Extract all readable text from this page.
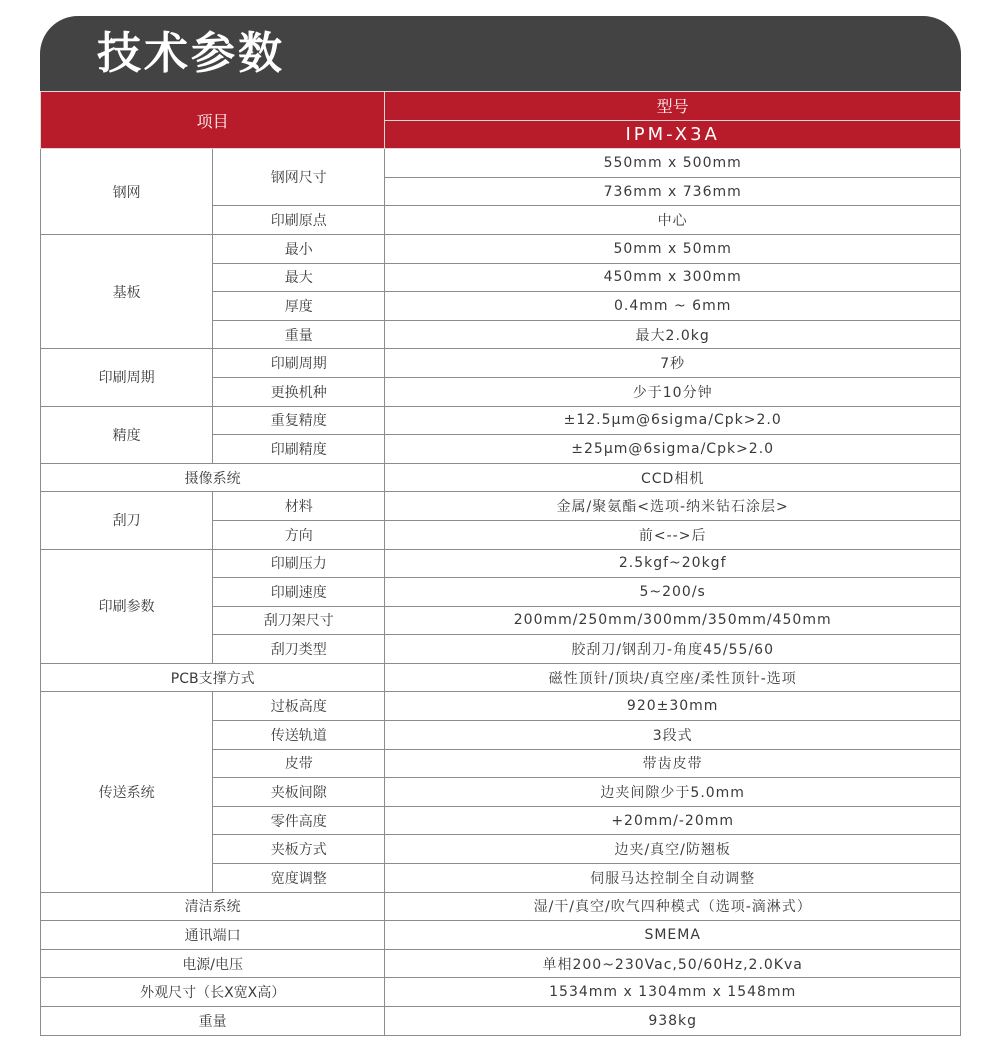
技术参数
项目		型号
		IPM-X3A
钢网	钢网尺寸	550mm x 500mm
		736mm x 736mm
	印刷原点	中心
基板	最小	50mm x 50mm
	最大	450mm x 300mm
	厚度	0.4mm ~ 6mm
	重量	最大2.0kg
印刷周期	印刷周期	7秒
	更换机种	少于10分钟
精度	重复精度	±12.5μm@6sigma/Cpk>2.0
	印刷精度	±25μm@6sigma/Cpk>2.0
摄像系统		CCD相机
刮刀	材料	金属/聚氨酯<选项-纳米钻石涂层>
	方向	前<-->后
印刷参数	印刷压力	2.5kgf~20kgf
	印刷速度	5~200/s
	刮刀架尺寸	200mm/250mm/300mm/350mm/450mm
	刮刀类型	胶刮刀/钢刮刀-角度45/55/60
PCB支撑方式		磁性顶针/顶块/真空座/柔性顶针-选项
传送系统	过板高度	920±30mm
	传送轨道	3段式
	皮带	带齿皮带
	夹板间隙	边夹间隙少于5.0mm
	零件高度	+20mm/-20mm
	夹板方式	边夹/真空/防翘板
	宽度调整	伺服马达控制全自动调整
清洁系统		湿/干/真空/吹气四种模式（选项-滴淋式）
通讯端口		SMEMA
电源/电压		单相200~230Vac,50/60Hz,2.0Kva
外观尺寸（长X宽X高）		1534mm x 1304mm x 1548mm
重量		938kg
